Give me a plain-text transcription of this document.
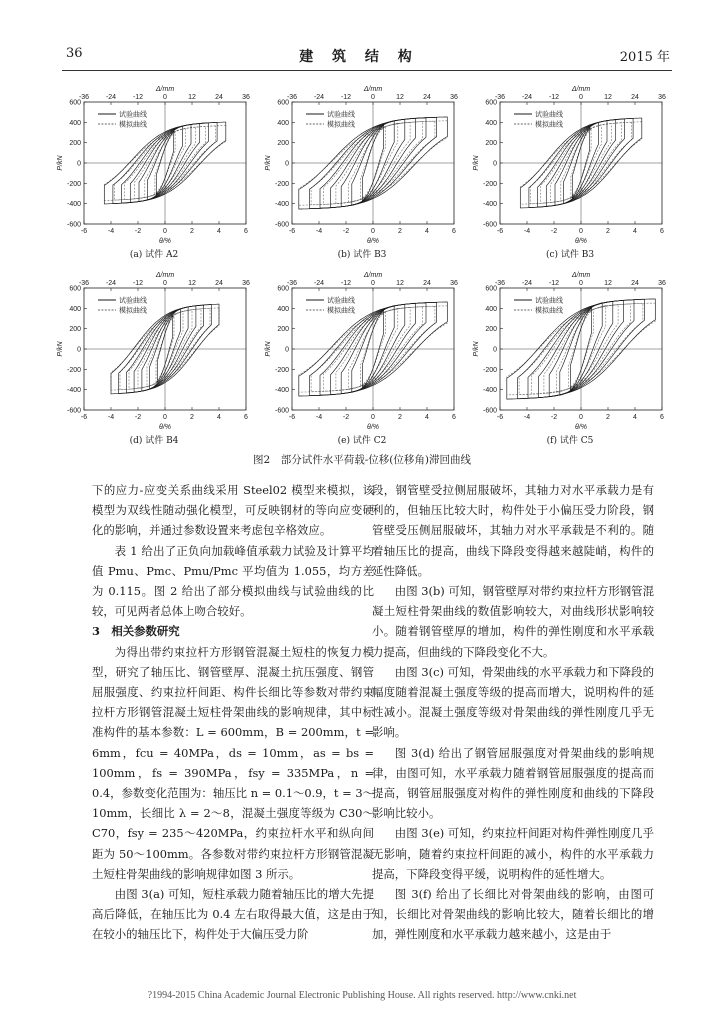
36	建 筑 结 构	2015 年
-6	-4	-2	0	2	4	6
-36 -24 -12	0	12	24	36
600
400
200
0
-200
-400
-600
Δ/mm
θ/%
P/kN
试验曲线
模拟曲线
(a) 试件 A2
-6	-4	-2	0	2	4	6
-36 -24 -12	0	12	24	36
600
400
200
0
-200
-400
-600
Δ/mm
θ/%
P/kN
试验曲线
模拟曲线
(b) 试件 B3
-6	-4	-2	0	2	4	6
-36 -24 -12	0	12	24	36
600
400
200
0
-200
-400
-600
Δ/mm
θ/%
P/kN
试验曲线
模拟曲线
(c) 试件 B3
-6	-4	-2	0	2	4	6
-36 -24 -12	0	12	24	36
600
400
200
0
-200
-400
-600
Δ/mm
θ/%
P/kN
试验曲线
模拟曲线
(d) 试件 B4
-6	-4	-2	0	2	4	6
-36 -24 -12	0	12	24	36
600
400
200
0
-200
-400
-600
Δ/mm
θ/%
P/kN
试验曲线
模拟曲线
(e) 试件 C2
-6	-4	-2	0	2	4	6
-36 -24 -12	0	12	24	36
600
400
200
0
-200
-400
-600
Δ/mm
θ/%
P/kN
试验曲线
模拟曲线
(f) 试件 C5
图2　部分试件水平荷载-位移(位移角)滞回曲线

下的应力-应变关系曲线采用 Steel02 模型来模拟，该模型为双线性随动强化模型，可反映钢材的等向应变硬化的影响，并通过参数设置来考虑包辛格效应。

表 1 给出了正负向加载峰值承载力试验及计算平均值 Pmu、Pmc、Pmu/Pmc 平均值为 1.055，均方差为 0.115。图 2 给出了部分模拟曲线与试验曲线的比较，可见两者总体上吻合较好。

3　相关参数研究

为得出带约束拉杆方形钢管混凝土短柱的恢复力模型，研究了轴压比、钢管壁厚、混凝土抗压强度、钢管屈服强度、约束拉杆间距、构件长细比等参数对带约束拉杆方形钢管混凝土短柱骨架曲线的影响规律，其中标准构件的基本参数：L = 600mm，B = 200mm，t = 6mm，fcu = 40MPa，ds = 10mm，as = bs = 100mm，fs = 390MPa，fsy = 335MPa，n = 0.4，参数变化范围为：轴压比 n = 0.1～0.9，t = 3～10mm，长细比 λ = 2～8，混凝土强度等级为 C30～C70，fsy = 235～420MPa，约束拉杆水平和纵向间距为 50～100mm。各参数对带约束拉杆方形钢管混凝土短柱骨架曲线的影响规律如图 3 所示。

由图 3(a) 可知，短柱承载力随着轴压比的增大先提高后降低，在轴压比为 0.4 左右取得最大值，这是由于在较小的轴压比下，构件处于大偏压受力阶

段，钢管壁受拉侧屈服破坏，其轴力对水平承载力是有利的，但轴压比较大时，构件处于小偏压受力阶段，钢管壁受压侧屈服破坏，其轴力对水平承载是不利的。随着轴压比的提高，曲线下降段变得越来越陡峭，构件的延性降低。

由图 3(b) 可知，钢管壁厚对带约束拉杆方形钢管混凝土短柱骨架曲线的数值影响较大，对曲线形状影响较小。随着钢管壁厚的增加，构件的弹性刚度和水平承载力提高，但曲线的下降段变化不大。

由图 3(c) 可知，骨架曲线的水平承载力和下降段的幅度随着混凝土强度等级的提高而增大，说明构件的延性减小。混凝土强度等级对骨架曲线的弹性刚度几乎无影响。

图 3(d) 给出了钢管屈服强度对骨架曲线的影响规律，由图可知，水平承载力随着钢管屈服强度的提高而提高，钢管屈服强度对构件的弹性刚度和曲线的下降段影响比较小。

由图 3(e) 可知，约束拉杆间距对构件弹性刚度几乎无影响，随着约束拉杆间距的减小，构件的水平承载力提高，下降段变得平缓，说明构件的延性增大。

图 3(f) 给出了长细比对骨架曲线的影响，由图可知，长细比对骨架曲线的影响比较大，随着长细比的增加，弹性刚度和水平承载力越来越小，这是由于

?1994-2015 China Academic Journal Electronic Publishing House. All rights reserved. http://www.cnki.net
